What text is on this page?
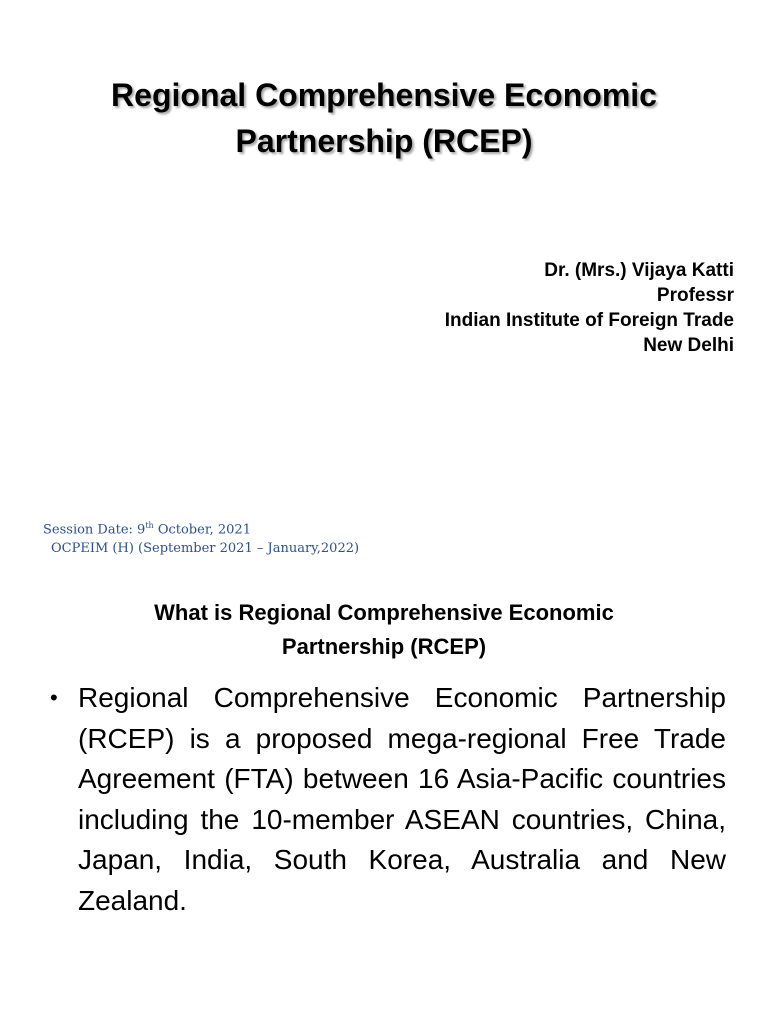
Regional Comprehensive Economic
Partnership (RCEP)
Dr. (Mrs.) Vijaya Katti
Professr
Indian Institute of Foreign Trade
New Delhi
Session Date: 9th October, 2021
OCPEIM (H) (September 2021 – January,2022)
What is Regional Comprehensive Economic
Partnership (RCEP)
• Regional Comprehensive Economic Partnership (RCEP) is a proposed mega-regional Free Trade Agreement (FTA) between 16 Asia-Pacific countries including the 10-member ASEAN countries, China, Japan, India, South Korea, Australia and New Zealand.
